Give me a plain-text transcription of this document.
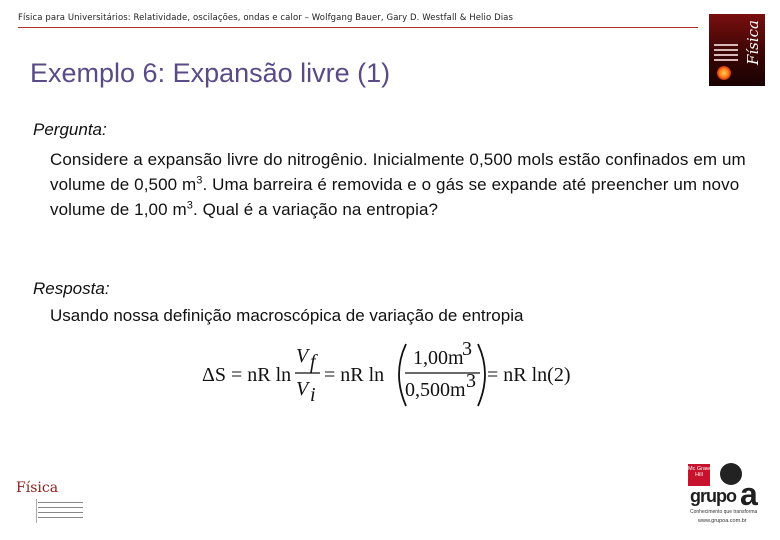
Física para Universitários: Relatividade, oscilações, ondas e calor – Wolfgang Bauer, Gary D. Westfall & Helio Dias
Física
Exemplo 6: Expansão livre (1)
Pergunta:
Considere a expansão livre do nitrogênio. Inicialmente 0,500 mols estão confinados em um volume de 0,500 $m^3$. Uma barreira é removida e o gás se expande até preencher um novo volume de 1,00 $m^3$. Qual é a variação na entropia?
Resposta:
Usando nossa definição macroscópica de variação de entropia
ΔS = nR ln
V f
V i
= nR ln
1,00m
3
0,500m 3 = nR ln(2)
Física
Mc Graw Hill
grupo a
Conhecimento que transforma
www.grupoa.com.br
